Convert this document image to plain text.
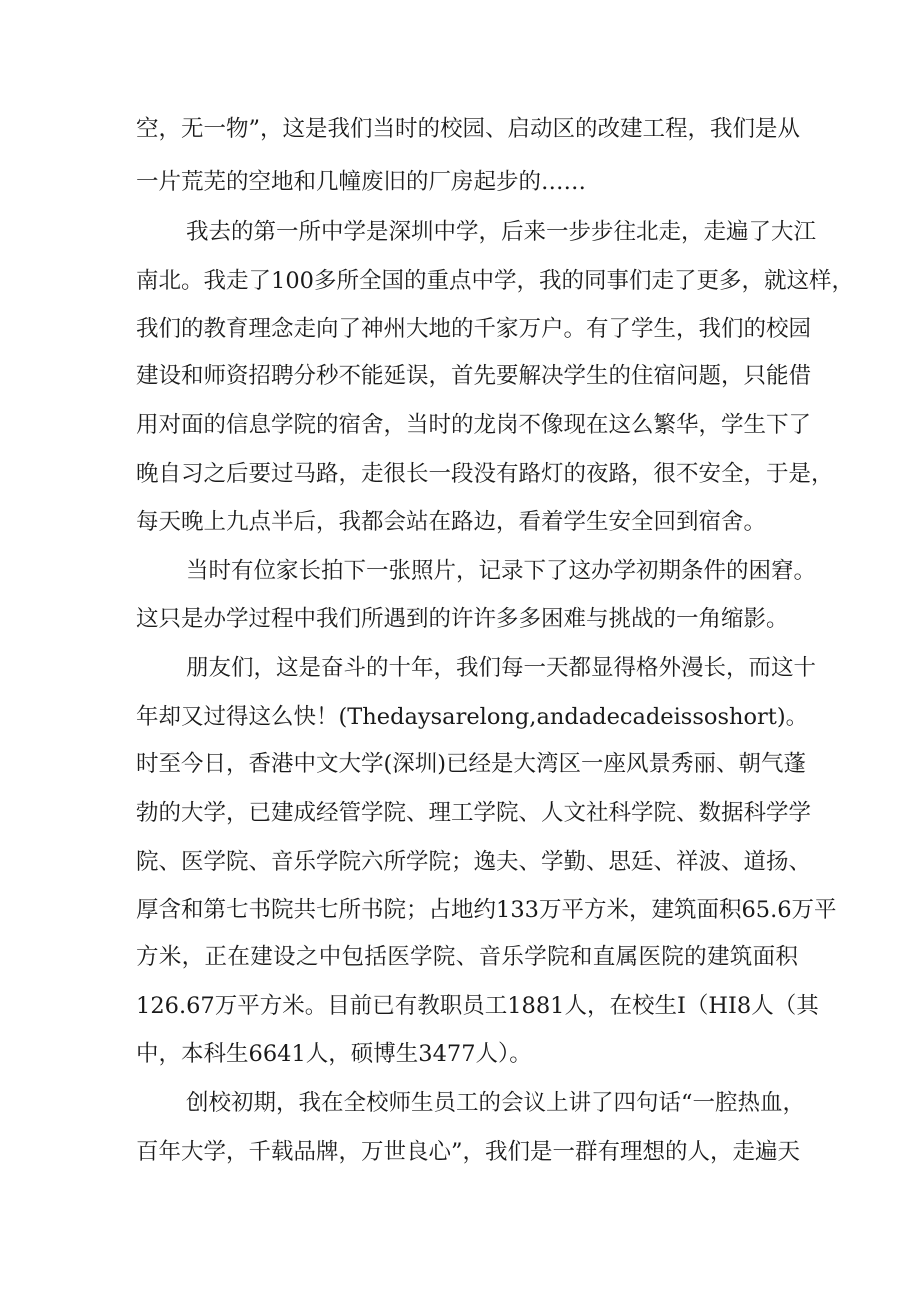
空，无一物”，这是我们当时的校园、启动区的改建工程，我们是从
一片荒芜的空地和几幢废旧的厂房起步的……
我去的第一所中学是深圳中学，后来一步步往北走，走遍了大江
南北。我走了100多所全国的重点中学，我的同事们走了更多，就这样，
我们的教育理念走向了神州大地的千家万户。有了学生，我们的校园
建设和师资招聘分秒不能延误，首先要解决学生的住宿问题，只能借
用对面的信息学院的宿舍，当时的龙岗不像现在这么繁华，学生下了
晚自习之后要过马路，走很长一段没有路灯的夜路，很不安全，于是，
每天晚上九点半后，我都会站在路边，看着学生安全回到宿舍。
当时有位家长拍下一张照片，记录下了这办学初期条件的困窘。
这只是办学过程中我们所遇到的许许多多困难与挑战的一角缩影。
朋友们，这是奋斗的十年，我们每一天都显得格外漫长，而这十
年却又过得这么快！(Thedaysarelong,andadecadeissoshort)。
时至今日，香港中文大学(深圳)已经是大湾区一座风景秀丽、朝气蓬
勃的大学，已建成经管学院、理工学院、人文社科学院、数据科学学
院、医学院、音乐学院六所学院；逸夫、学勤、思廷、祥波、道扬、
厚含和第七书院共七所书院；占地约133万平方米，建筑面积65.6万平
方米，正在建设之中包括医学院、音乐学院和直属医院的建筑面积
126.67万平方米。目前已有教职员工1881人，在校生I（HI8人（其
中，本科生6641人，硕博生3477人）。
创校初期，我在全校师生员工的会议上讲了四句话“一腔热血，
百年大学，千载品牌，万世良心”，我们是一群有理想的人，走遍天
